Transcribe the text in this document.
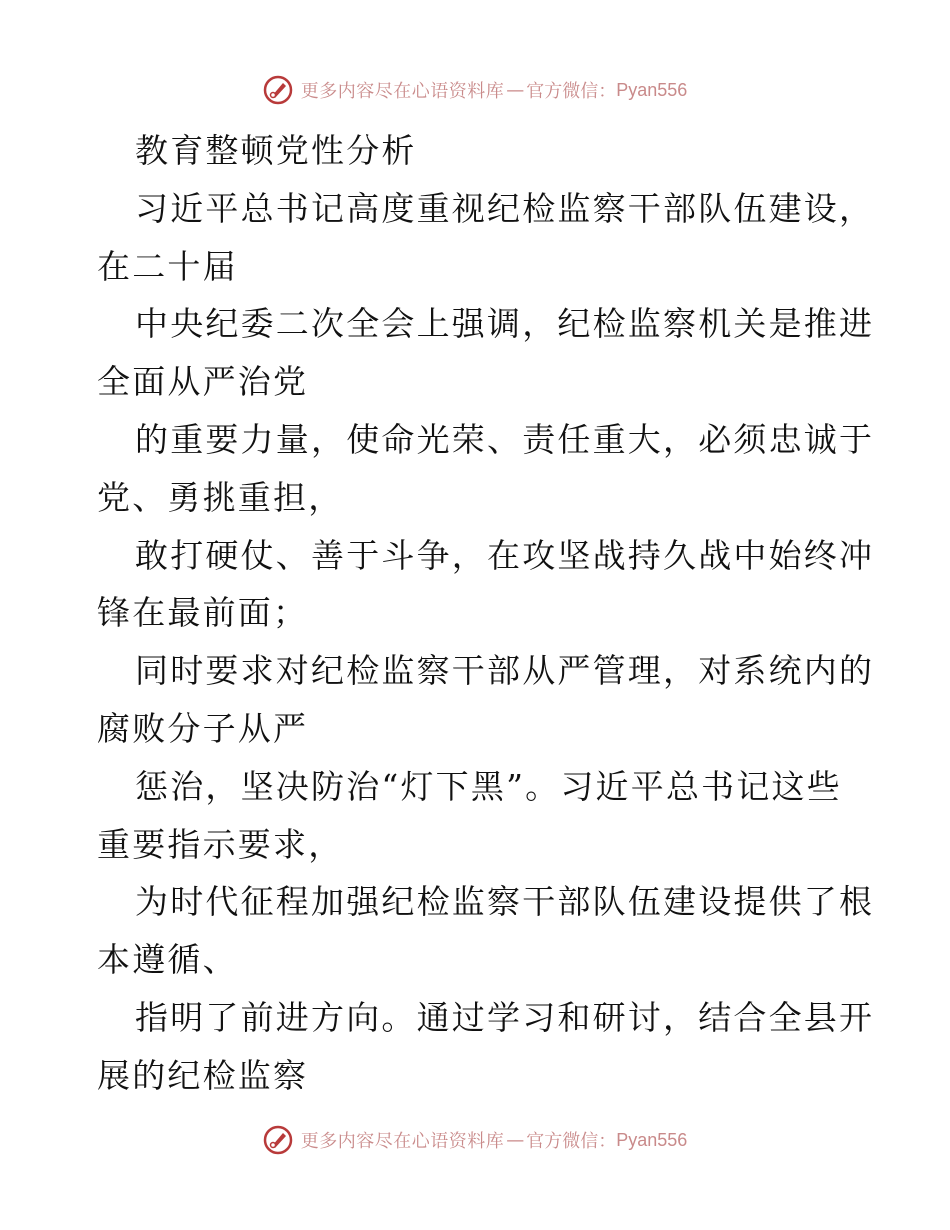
更多内容尽在心语资料库 — 官方微信： Pyan556
教育整顿党性分析
习近平总书记高度重视纪检监察干部队伍建设，
在二十届
中央纪委二次全会上强调，纪检监察机关是推进
全面从严治党
的重要力量，使命光荣、责任重大，必须忠诚于
党、勇挑重担，
敢打硬仗、善于斗争，在攻坚战持久战中始终冲
锋在最前面；
同时要求对纪检监察干部从严管理，对系统内的
腐败分子从严
惩治，坚决防治“灯下黑”。习近平总书记这些
重要指示要求，
为时代征程加强纪检监察干部队伍建设提供了根
本遵循、
指明了前进方向。通过学习和研讨，结合全县开
展的纪检监察
更多内容尽在心语资料库 — 官方微信： Pyan556
